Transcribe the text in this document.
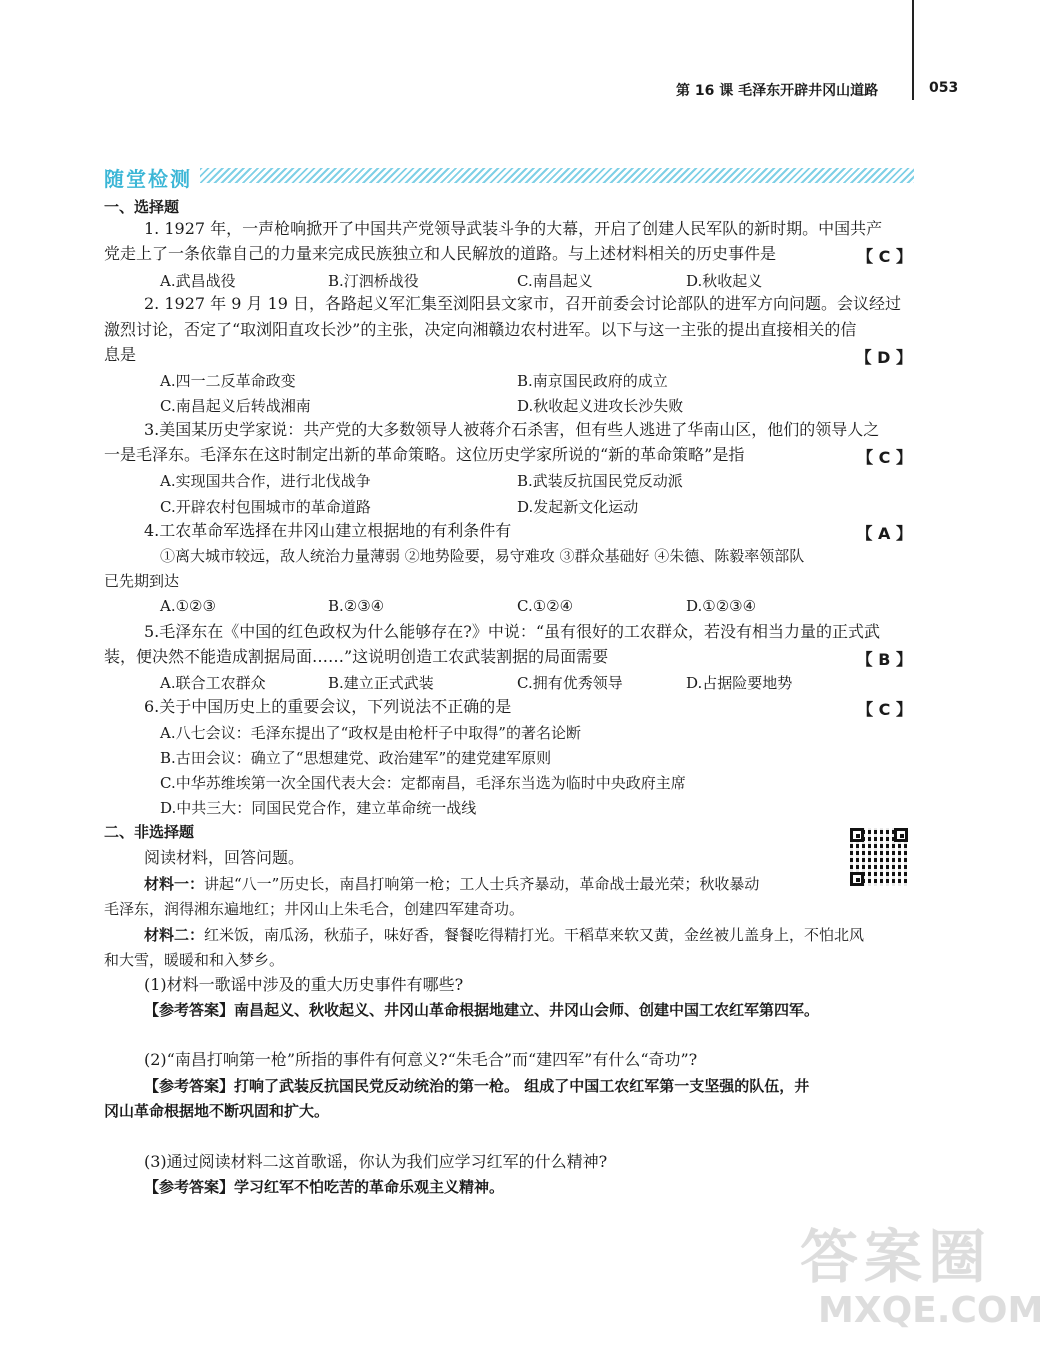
第 16 课 毛泽东开辟井冈山道路	053
随堂检测
一、选择题
1. 1927 年，一声枪响掀开了中国共产党领导武装斗争的大幕，开启了创建人民军队的新时期。中国共产
党走上了一条依靠自己的力量来完成民族独立和人民解放的道路。与上述材料相关的历史事件是	【 C 】
A.武昌战役	B.汀泗桥战役	C.南昌起义	D.秋收起义
2. 1927 年 9 月 19 日，各路起义军汇集至浏阳县文家市，召开前委会讨论部队的进军方向问题。会议经过
激烈讨论，否定了“取浏阳直攻长沙”的主张，决定向湘赣边农村进军。以下与这一主张的提出直接相关的信
息是	【 D 】
A.四一二反革命政变	B.南京国民政府的成立
C.南昌起义后转战湘南	D.秋收起义进攻长沙失败
3.美国某历史学家说：共产党的大多数领导人被蒋介石杀害，但有些人逃进了华南山区，他们的领导人之
一是毛泽东。毛泽东在这时制定出新的革命策略。这位历史学家所说的“新的革命策略”是指	【 C 】
A.实现国共合作，进行北伐战争	B.武装反抗国民党反动派
C.开辟农村包围城市的革命道路	D.发起新文化运动
4.工农革命军选择在井冈山建立根据地的有利条件有	【 A 】
①离大城市较远，敌人统治力量薄弱 ②地势险要，易守难攻 ③群众基础好 ④朱德、陈毅率领部队
已先期到达
A.①②③	B.②③④	C.①②④	D.①②③④
5.毛泽东在《中国的红色政权为什么能够存在?》中说：“虽有很好的工农群众，若没有相当力量的正式武
装，便决然不能造成割据局面……”这说明创造工农武装割据的局面需要	【 B 】
A.联合工农群众	B.建立正式武装	C.拥有优秀领导	D.占据险要地势
6.关于中国历史上的重要会议，下列说法不正确的是	【 C 】
A.八七会议：毛泽东提出了“政权是由枪杆子中取得”的著名论断
B.古田会议：确立了“思想建党、政治建军”的建党建军原则
C.中华苏维埃第一次全国代表大会：定都南昌，毛泽东当选为临时中央政府主席
D.中共三大：同国民党合作，建立革命统一战线
二、非选择题
阅读材料，回答问题。
材料一：讲起“八一”历史长，南昌打响第一枪；工人士兵齐暴动，革命战士最光荣；秋收暴动
毛泽东，润得湘东遍地红；井冈山上朱毛合，创建四军建奇功。
材料二：红米饭，南瓜汤，秋茄子，味好香，餐餐吃得精打光。干稻草来软又黄，金丝被儿盖身上，不怕北风
和大雪，暖暖和和入梦乡。
(1)材料一歌谣中涉及的重大历史事件有哪些?
【参考答案】南昌起义、秋收起义、井冈山革命根据地建立、井冈山会师、创建中国工农红军第四军。
(2)“南昌打响第一枪”所指的事件有何意义?“朱毛合”而“建四军”有什么“奇功”?
【参考答案】打响了武装反抗国民党反动统治的第一枪。 组成了中国工农红军第一支坚强的队伍，井
冈山革命根据地不断巩固和扩大。
(3)通过阅读材料二这首歌谣，你认为我们应学习红军的什么精神?
【参考答案】学习红军不怕吃苦的革命乐观主义精神。
答案圈
MXQE.COM
